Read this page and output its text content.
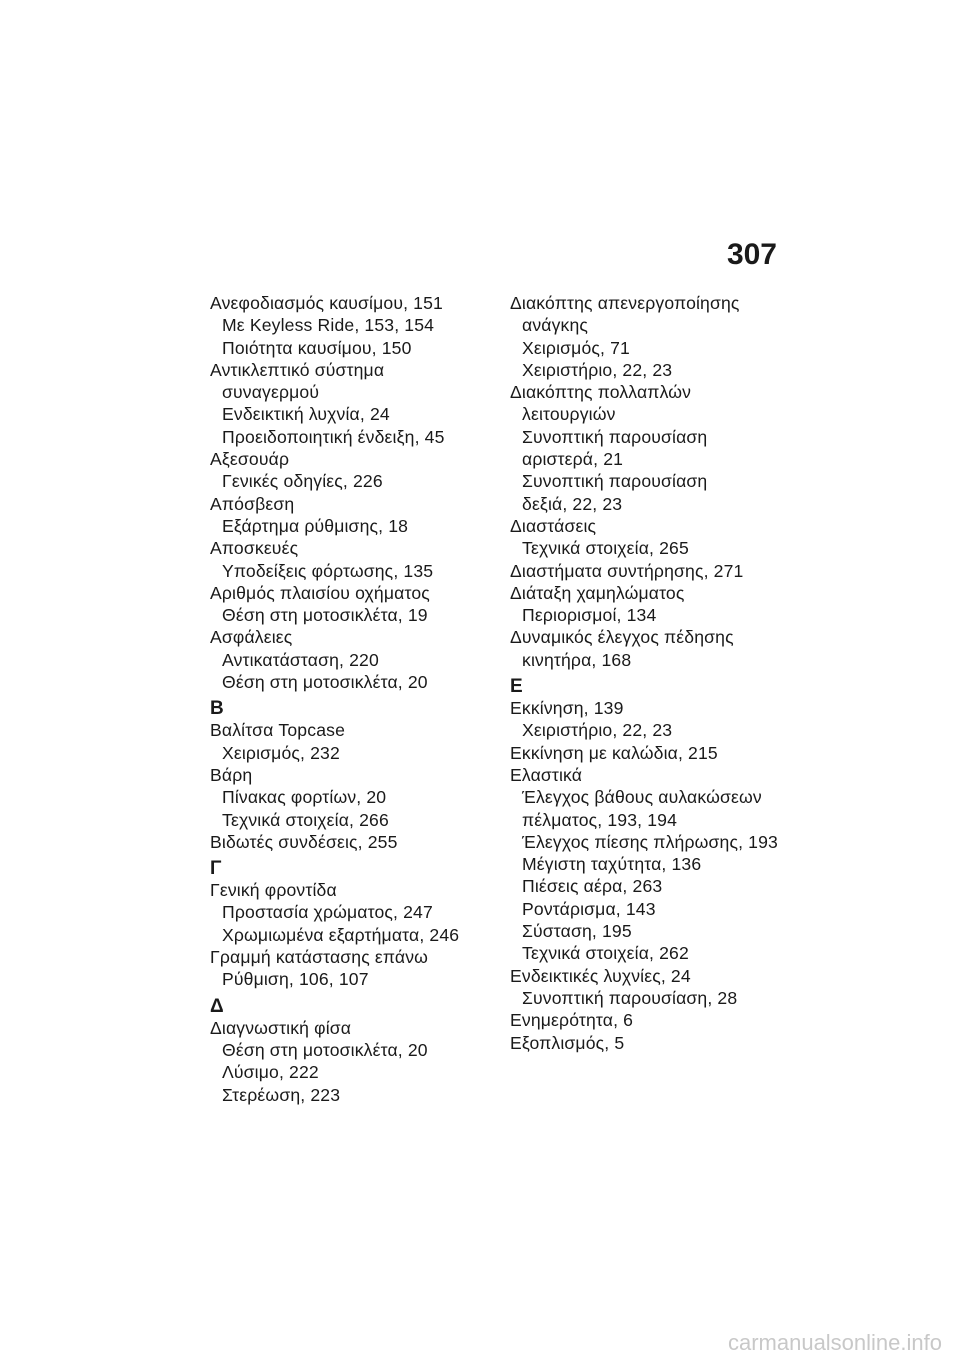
307
Ανεφοδιασμός καυσίμου, 151
Με Keyless Ride, 153, 154
Ποιότητα καυσίμου, 150
Αντικλεπτικό σύστημα
συναγερμού
Ενδεικτική λυχνία, 24
Προειδοποιητική ένδειξη, 45
Αξεσουάρ
Γενικές οδηγίες, 226
Απόσβεση
Εξάρτημα ρύθμισης, 18
Αποσκευές
Υποδείξεις φόρτωσης, 135
Αριθμός πλαισίου οχήματος
Θέση στη μοτοσικλέτα, 19
Ασφάλειες
Αντικατάσταση, 220
Θέση στη μοτοσικλέτα, 20
Β
Βαλίτσα Topcase
Χειρισμός, 232
Βάρη
Πίνακας φορτίων, 20
Τεχνικά στοιχεία, 266
Βιδωτές συνδέσεις, 255
Γ
Γενική φροντίδα
Προστασία χρώματος, 247
Χρωμιωμένα εξαρτήματα, 246
Γραμμή κατάστασης επάνω
Ρύθμιση, 106, 107
Δ
Διαγνωστική φίσα
Θέση στη μοτοσικλέτα, 20
Λύσιμο, 222
Στερέωση, 223
Διακόπτης απενεργοποίησης
ανάγκης
Χειρισμός, 71
Χειριστήριο, 22, 23
Διακόπτης πολλαπλών
λειτουργιών
Συνοπτική παρουσίαση
αριστερά, 21
Συνοπτική παρουσίαση
δεξιά, 22, 23
Διαστάσεις
Τεχνικά στοιχεία, 265
Διαστήματα συντήρησης, 271
Διάταξη χαμηλώματος
Περιορισμοί, 134
Δυναμικός έλεγχος πέδησης
κινητήρα, 168
Ε
Εκκίνηση, 139
Χειριστήριο, 22, 23
Εκκίνηση με καλώδια, 215
Ελαστικά
Έλεγχος βάθους αυλακώσεων
πέλματος, 193, 194
Έλεγχος πίεσης πλήρωσης, 193
Μέγιστη ταχύτητα, 136
Πιέσεις αέρα, 263
Ροντάρισμα, 143
Σύσταση, 195
Τεχνικά στοιχεία, 262
Ενδεικτικές λυχνίες, 24
Συνοπτική παρουσίαση, 28
Ενημερότητα, 6
Εξοπλισμός, 5
carmanualsonline.info
